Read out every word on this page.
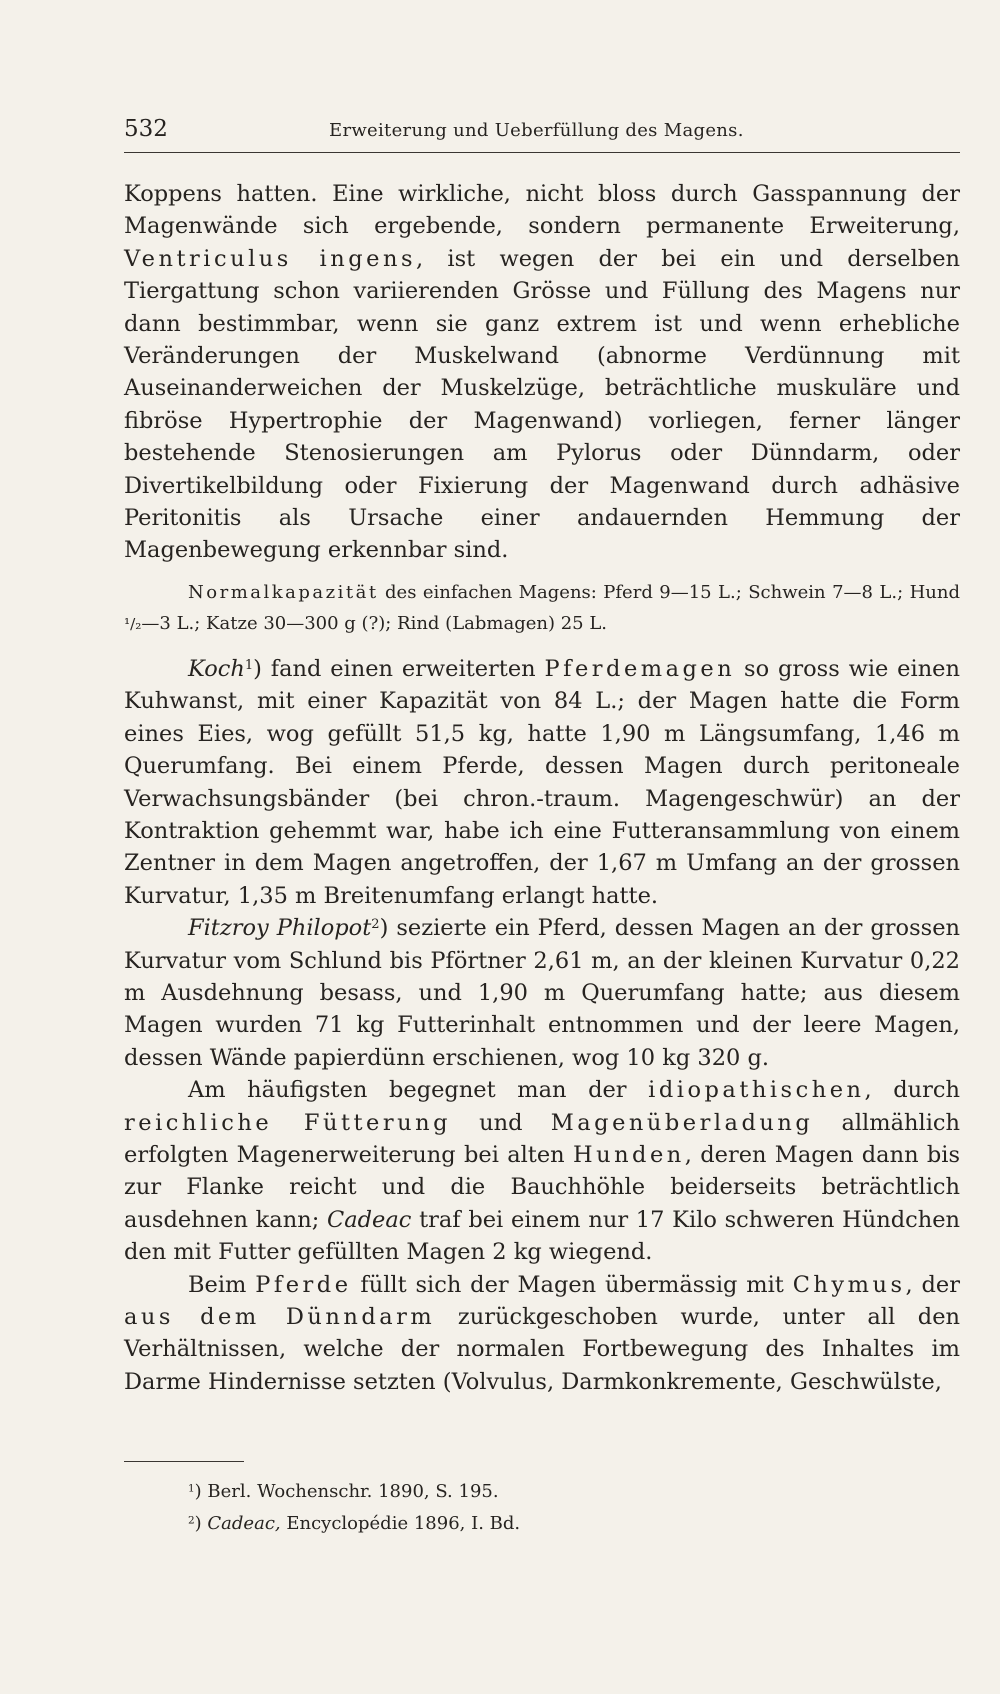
532	Erweiterung und Ueberfüllung des Magens.

Koppens hatten. Eine wirkliche, nicht bloss durch Gasspannung der Magenwände sich ergebende, sondern permanente Erweiterung, Ventriculus ingens, ist wegen der bei ein und derselben Tiergattung schon variierenden Grösse und Füllung des Magens nur dann bestimmbar, wenn sie ganz extrem ist und wenn erhebliche Veränderungen der Muskelwand (abnorme Verdünnung mit Auseinanderweichen der Muskelzüge, beträchtliche muskuläre und fibröse Hypertrophie der Magenwand) vorliegen, ferner länger bestehende Stenosierungen am Pylorus oder Dünndarm, oder Divertikelbildung oder Fixierung der Magenwand durch adhäsive Peritonitis als Ursache einer andauernden Hemmung der Magenbewegung erkennbar sind.

Normalkapazität des einfachen Magens: Pferd 9—15 L.; Schwein 7—8 L.; Hund ¹/₂—3 L.; Katze 30—300 g (?); Rind (Labmagen) 25 L.

Koch$^1$) fand einen erweiterten Pferdemagen so gross wie einen Kuhwanst, mit einer Kapazität von 84 L.; der Magen hatte die Form eines Eies, wog gefüllt 51,5 kg, hatte 1,90 m Längsumfang, 1,46 m Querumfang. Bei einem Pferde, dessen Magen durch peritoneale Verwachsungsbänder (bei chron.-traum. Magengeschwür) an der Kontraktion gehemmt war, habe ich eine Futteransammlung von einem Zentner in dem Magen angetroffen, der 1,67 m Umfang an der grossen Kurvatur, 1,35 m Breitenumfang erlangt hatte.

Fitzroy Philopot$^2$) sezierte ein Pferd, dessen Magen an der grossen Kurvatur vom Schlund bis Pförtner 2,61 m, an der kleinen Kurvatur 0,22 m Ausdehnung besass, und 1,90 m Querumfang hatte; aus diesem Magen wurden 71 kg Futterinhalt entnommen und der leere Magen, dessen Wände papierdünn erschienen, wog 10 kg 320 g.

Am häufigsten begegnet man der idiopathischen, durch reichliche Fütterung und Magenüberladung allmählich erfolgten Magenerweiterung bei alten Hunden, deren Magen dann bis zur Flanke reicht und die Bauchhöhle beiderseits beträchtlich ausdehnen kann; Cadeac traf bei einem nur 17 Kilo schweren Hündchen den mit Futter gefüllten Magen 2 kg wiegend.

Beim Pferde füllt sich der Magen übermässig mit Chymus, der aus dem Dünndarm zurückgeschoben wurde, unter all den Verhältnissen, welche der normalen Fortbewegung des Inhaltes im Darme Hindernisse setzten (Volvulus, Darmkonkremente, Geschwülste,

$^1$) Berl. Wochenschr. 1890, S. 195.

$^2$) Cadeac, Encyclopédie 1896, I. Bd.
